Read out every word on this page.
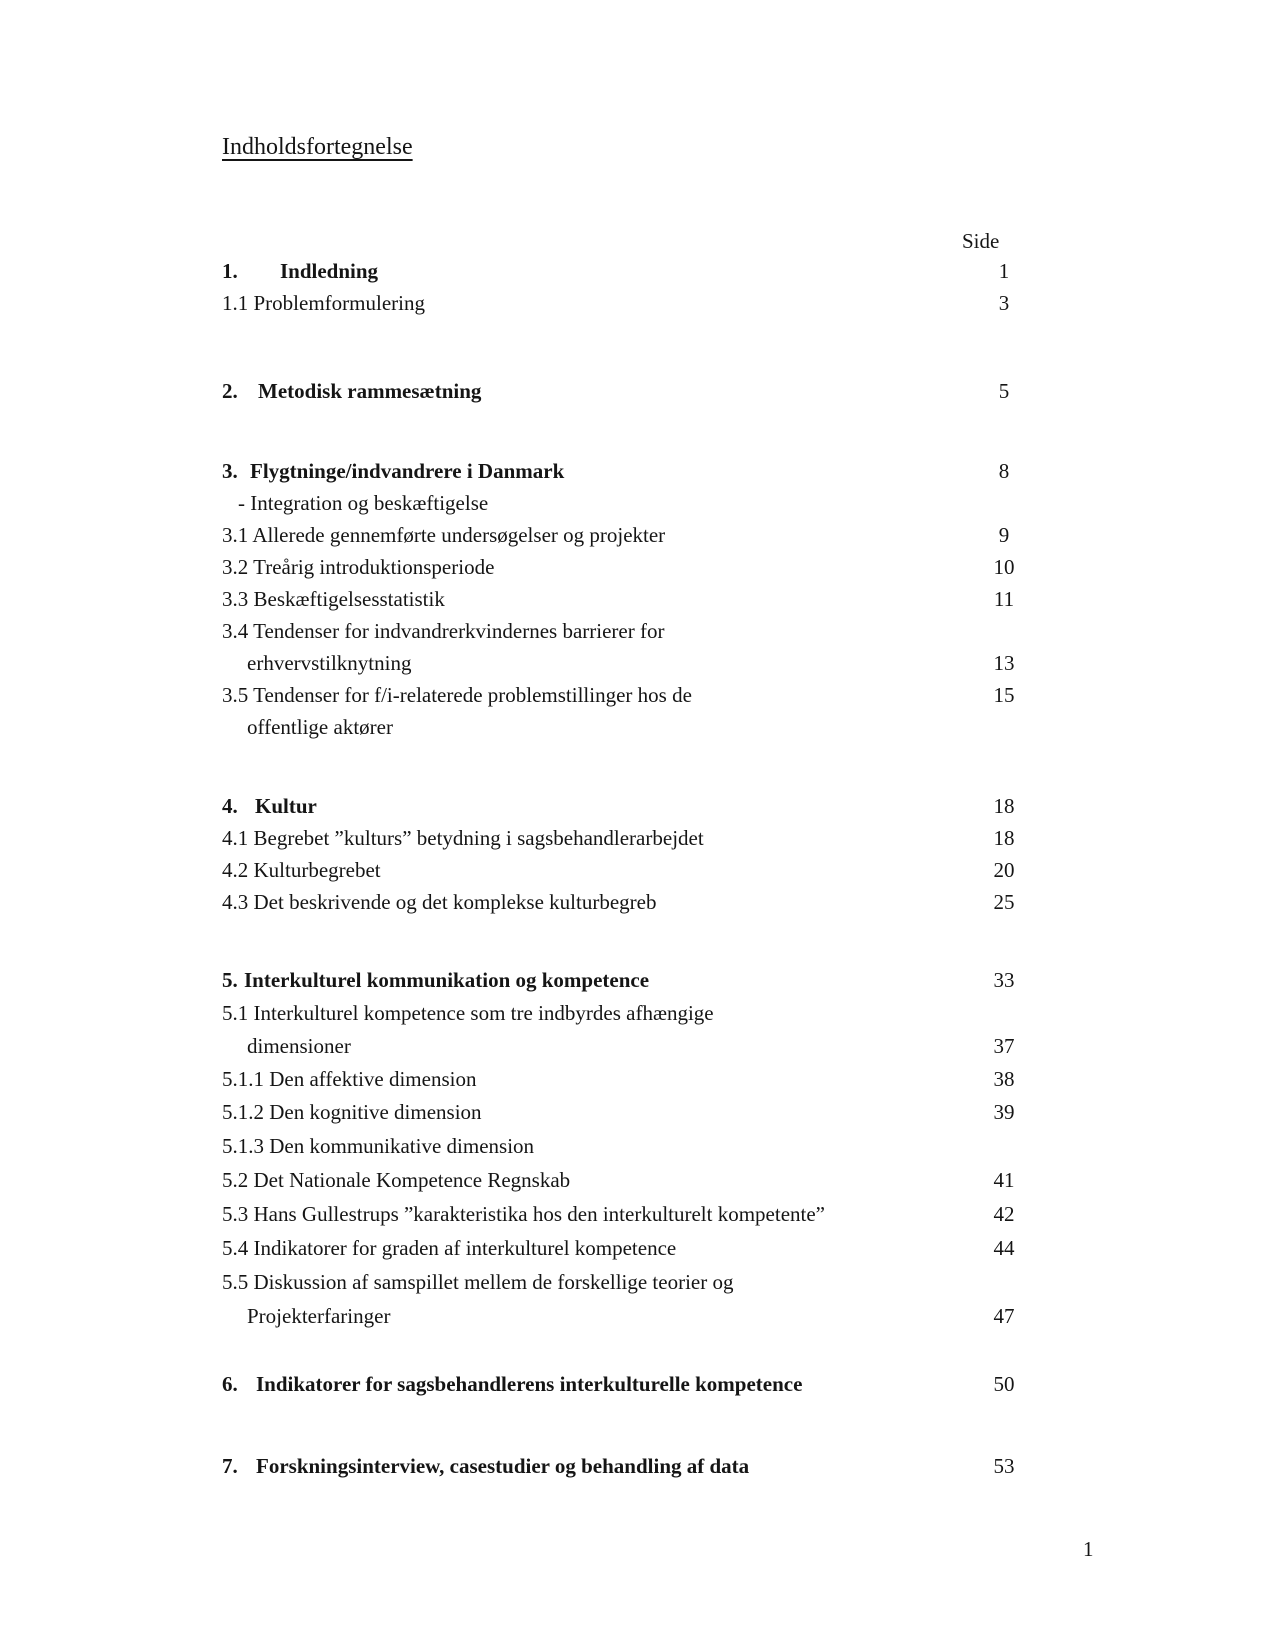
Indholdsfortegnelse
Side
1. Indledning	1
1.1 Problemformulering	3
2. Metodisk rammesætning	5
3. Flygtninge/indvandrere i Danmark	8
- Integration og beskæftigelse
3.1 Allerede gennemførte undersøgelser og projekter	9
3.2 Treårig introduktionsperiode	10
3.3 Beskæftigelsesstatistik	11
3.4 Tendenser for indvandrerkvindernes barrierer for
erhvervstilknytning	13
3.5 Tendenser for f/i-relaterede problemstillinger hos de	15
offentlige aktører
4. Kultur	18
4.1 Begrebet ”kulturs” betydning i sagsbehandlerarbejdet	18
4.2 Kulturbegrebet	20
4.3 Det beskrivende og det komplekse kulturbegreb	25
5. Interkulturel kommunikation og kompetence	33
5.1 Interkulturel kompetence som tre indbyrdes afhængige
dimensioner	37
5.1.1 Den affektive dimension	38
5.1.2 Den kognitive dimension	39
5.1.3 Den kommunikative dimension
5.2 Det Nationale Kompetence Regnskab	41
5.3 Hans Gullestrups ”karakteristika hos den interkulturelt kompetente”	42
5.4 Indikatorer for graden af interkulturel kompetence	44
5.5 Diskussion af samspillet mellem de forskellige teorier og
Projekterfaringer	47
6. Indikatorer for sagsbehandlerens interkulturelle kompetence	50
7. Forskningsinterview, casestudier og behandling af data	53
1
